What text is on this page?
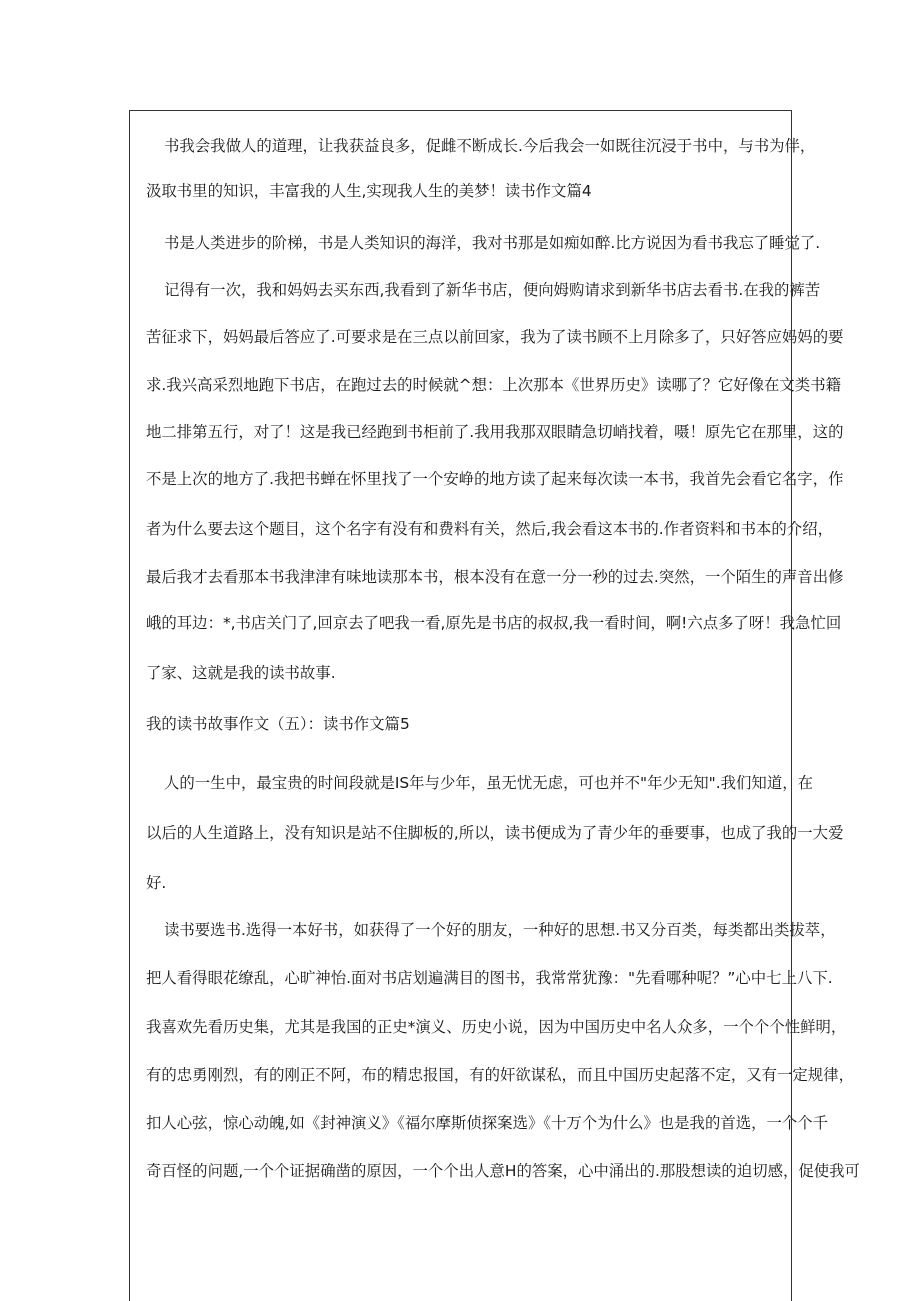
书我会我做人的道理，让我获益良多，促雌不断成长.今后我会一如既往沉浸于书中，与书为伴，
汲取书里的知识，丰富我的人生,实现我人生的美梦！读书作文篇4
书是人类进步的阶梯，书是人类知识的海洋，我对书那是如痴如醉.比方说因为看书我忘了睡觉了.
记得有一次，我和妈妈去买东西,我看到了新华书店，便向姆购请求到新华书店去看书.在我的裤苦
苦征求下，妈妈最后答应了.可要求是在三点以前回家，我为了读书顾不上月除多了，只好答应妈妈的要
求.我兴高采烈地跑下书店，在跑过去的时候就^想：上次那本《世界历史》读哪了？它好像在文类书籍
地二排第五行，对了！这是我已经跑到书柜前了.我用我那双眼睛急切峭找着，嗫！原先它在那里，这的
不是上次的地方了.我把书蝉在怀里找了一个安峥的地方读了起来每次读一本书，我首先会看它名字，作
者为什么要去这个题目，这个名字有没有和费料有关，然后,我会看这本书的.作者资料和书本的介绍，
最后我才去看那本书我津津有味地读那本书，根本没有在意一分一秒的过去.突然，一个陌生的声音出修
峨的耳边：*,书店关门了,回京去了吧我一看,原先是书店的叔叔,我一看时间，啊!六点多了呀！我急忙回
了家、这就是我的读书故事.
我的读书故事作文（五）：读书作文篇5
人的一生中，最宝贵的时间段就是IS年与少年，虽无忧无虑，可也并不"年少无知".我们知道，在
以后的人生道路上，没有知识是站不住脚板的,所以，读书便成为了青少年的垂要事，也成了我的一大爱
好.
读书要选书.选得一本好书，如获得了一个好的朋友，一种好的思想.书又分百类，每类都出类拔萃，
把人看得眼花缭乱，心旷神怡.面对书店划遍满目的图书，我常常犹豫："先看哪种呢？”心中七上八下.
我喜欢先看历史集，尤其是我国的正史*演义、历史小说，因为中国历史中名人众多，一个个个性鲜明，
有的忠勇刚烈，有的刚正不阿，布的精忠报国，有的奸欲谋私，而且中国历史起落不定，又有一定规律，
扣人心弦，惊心动魄,如《封神演义》《福尔摩斯侦探案选》《十万个为什么》也是我的首选，一个个千
奇百怪的问题,一个个证据确凿的原因，一个个出人意H的答案，心中涌出的.那股想读的迫切感，促使我可
